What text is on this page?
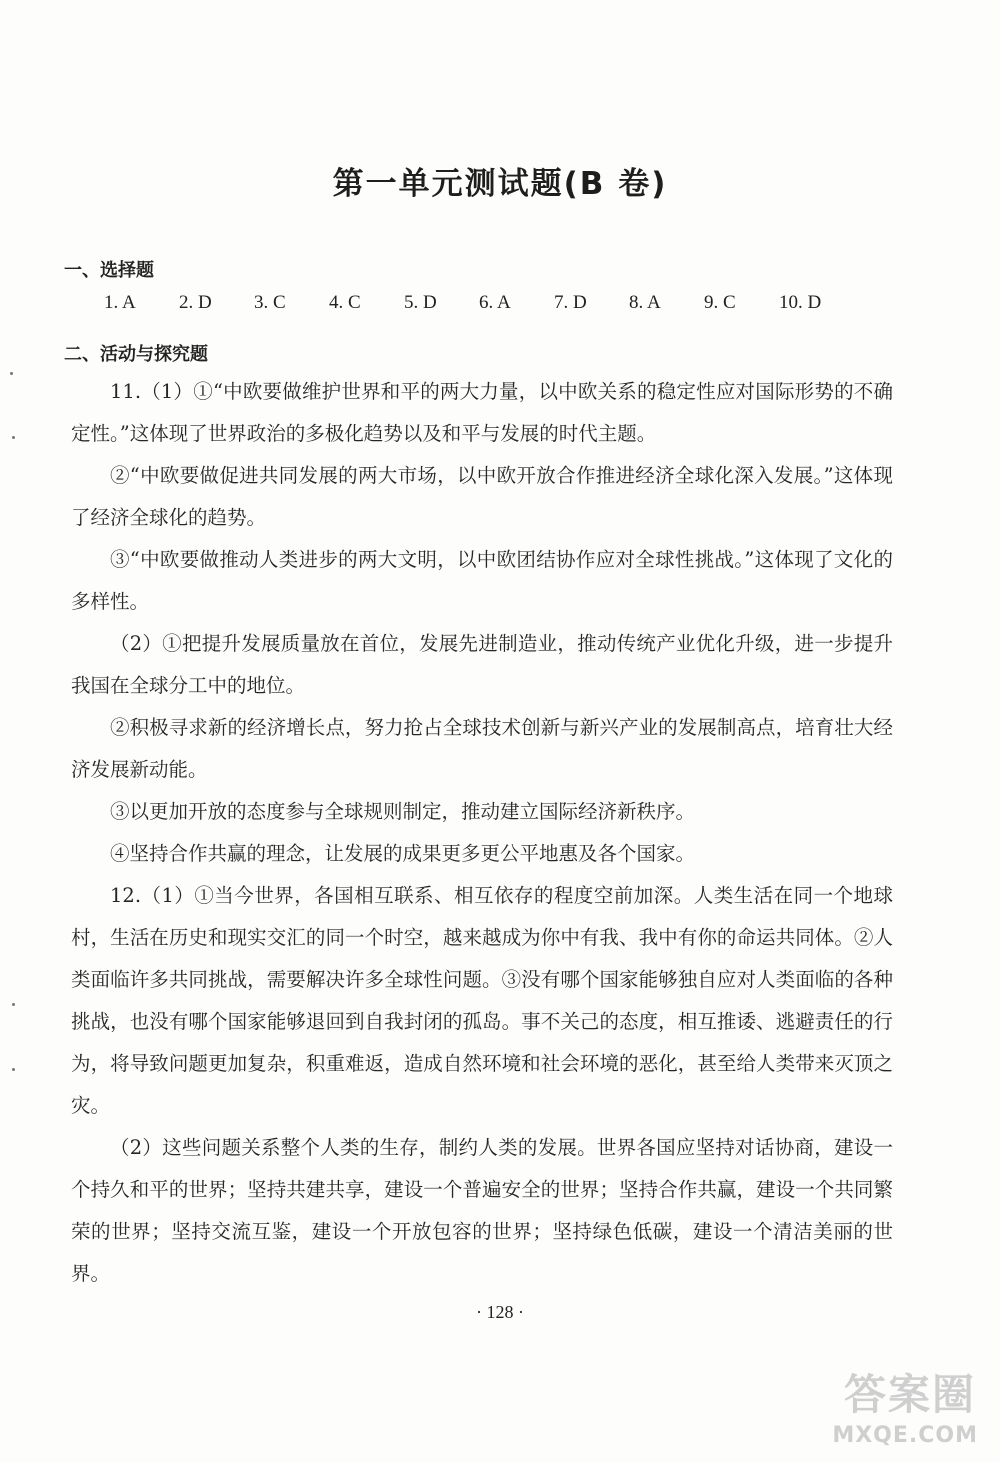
第一单元测试题(B 卷)
一、选择题
1. A	2. D	3. C	4. C	5. D	6. A	7. D	8. A	9. C	10. D
二、活动与探究题

11.（1）①“中欧要做维护世界和平的两大力量，以中欧关系的稳定性应对国际形势的不确定性。”这体现了世界政治的多极化趋势以及和平与发展的时代主题。

②“中欧要做促进共同发展的两大市场，以中欧开放合作推进经济全球化深入发展。”这体现了经济全球化的趋势。

③“中欧要做推动人类进步的两大文明，以中欧团结协作应对全球性挑战。”这体现了文化的多样性。

（2）①把提升发展质量放在首位，发展先进制造业，推动传统产业优化升级，进一步提升我国在全球分工中的地位。

②积极寻求新的经济增长点，努力抢占全球技术创新与新兴产业的发展制高点，培育壮大经济发展新动能。

③以更加开放的态度参与全球规则制定，推动建立国际经济新秩序。

④坚持合作共赢的理念，让发展的成果更多更公平地惠及各个国家。

12.（1）①当今世界，各国相互联系、相互依存的程度空前加深。人类生活在同一个地球村，生活在历史和现实交汇的同一个时空，越来越成为你中有我、我中有你的命运共同体。②人类面临许多共同挑战，需要解决许多全球性问题。③没有哪个国家能够独自应对人类面临的各种挑战，也没有哪个国家能够退回到自我封闭的孤岛。事不关己的态度，相互推诿、逃避责任的行为，将导致问题更加复杂，积重难返，造成自然环境和社会环境的恶化，甚至给人类带来灭顶之灾。

（2）这些问题关系整个人类的生存，制约人类的发展。世界各国应坚持对话协商，建设一个持久和平的世界；坚持共建共享，建设一个普遍安全的世界；坚持合作共赢，建设一个共同繁荣的世界；坚持交流互鉴，建设一个开放包容的世界；坚持绿色低碳，建设一个清洁美丽的世界。

· 128 ·
答案圈
MXQE.COM
